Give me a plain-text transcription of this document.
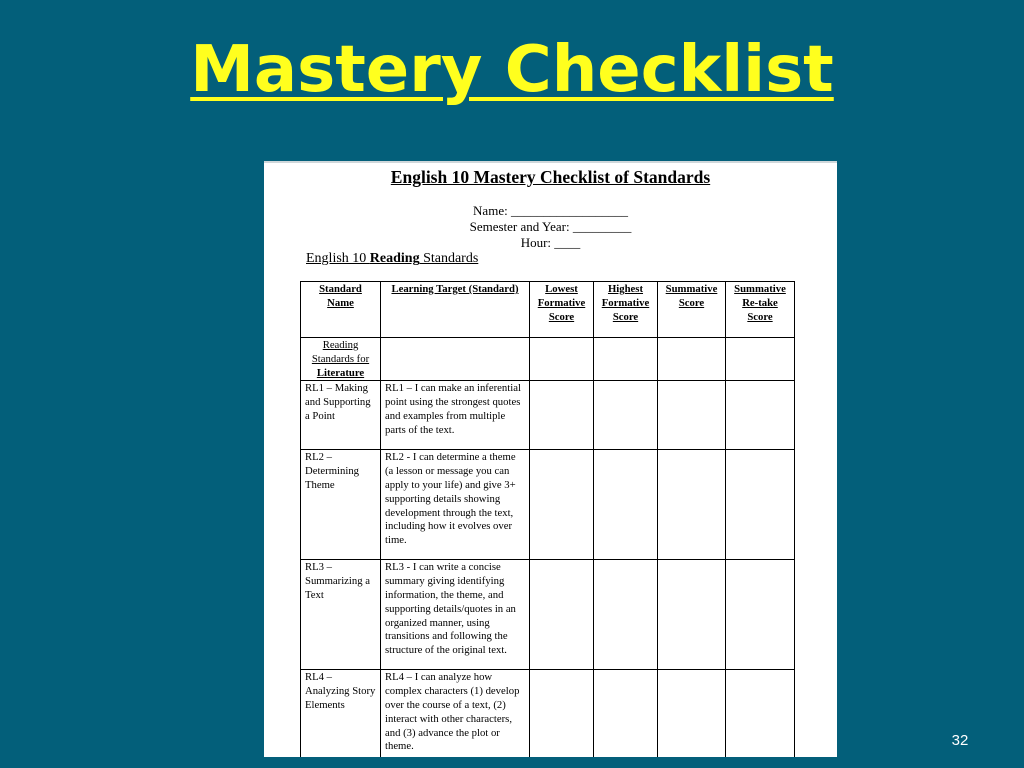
Mastery Checklist
English 10 Mastery Checklist of Standards
Name: __________________
Semester and Year: _________
Hour: ____
English 10 Reading Standards
Standard Name	Learning Target (Standard)	Lowest Formative Score	Highest Formative Score	Summative Score	Summative Re-take Score
Reading
Standards for
Literature					
RL1 – Making and Supporting a Point	RL1 – I can make an inferential point using the strongest quotes and examples from multiple parts of the text.				
RL2 – Determining Theme	RL2 - I can determine a theme (a lesson or message you can apply to your life) and give 3+ supporting details showing development through the text, including how it evolves over time.				
RL3 – Summarizing a Text	RL3 - I can write a concise summary giving identifying information, the theme, and supporting details/quotes in an organized manner, using transitions and following the structure of the original text.				
RL4 – Analyzing Story Elements	RL4 – I can analyze how complex characters (1) develop over the course of a text, (2) interact with other characters, and (3) advance the plot or theme.					32
